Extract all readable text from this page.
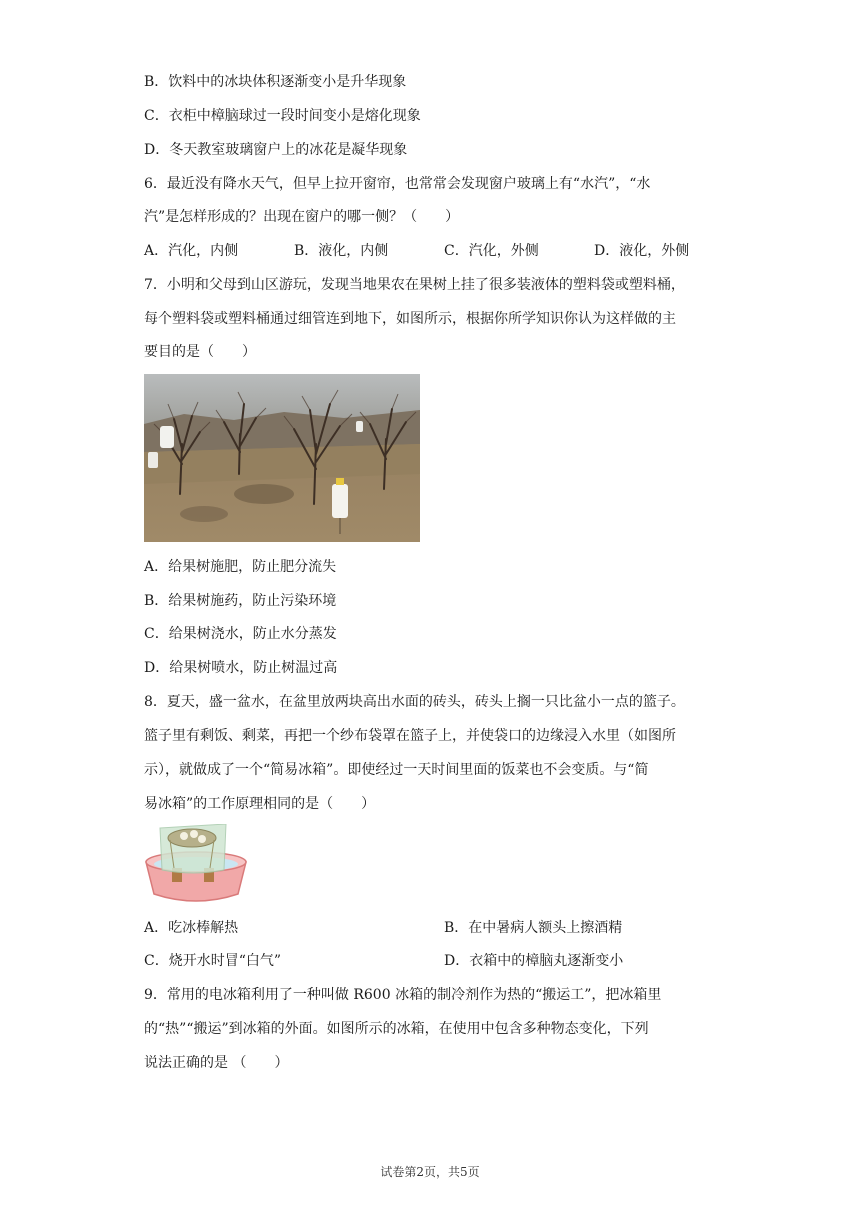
B．饮料中的冰块体积逐渐变小是升华现象
C．衣柜中樟脑球过一段时间变小是熔化现象
D．冬天教室玻璃窗户上的冰花是凝华现象
6．最近没有降水天气，但早上拉开窗帘，也常常会发现窗户玻璃上有“水汽”，“水
汽”是怎样形成的？出现在窗户的哪一侧？（　　）
A．汽化，内侧	B．液化，内侧	C．汽化，外侧	D．液化，外侧
7．小明和父母到山区游玩，发现当地果农在果树上挂了很多装液体的塑料袋或塑料桶，
每个塑料袋或塑料桶通过细管连到地下，如图所示，根据你所学知识你认为这样做的主
要目的是（　　）
A．给果树施肥，防止肥分流失
B．给果树施药，防止污染环境
C．给果树浇水，防止水分蒸发
D．给果树喷水，防止树温过高
8．夏天，盛一盆水，在盆里放两块高出水面的砖头，砖头上搁一只比盆小一点的篮子。
篮子里有剩饭、剩菜，再把一个纱布袋罩在篮子上，并使袋口的边缘浸入水里（如图所
示），就做成了一个“简易冰箱”。即使经过一天时间里面的饭菜也不会变质。与“简
易冰箱”的工作原理相同的是（　　）
A．吃冰棒解热	B．在中暑病人额头上擦酒精
C．烧开水时冒“白气”	D．衣箱中的樟脑丸逐渐变小
9．常用的电冰箱利用了一种叫做 R600 冰箱的制冷剂作为热的“搬运工”，把冰箱里
的“热”“搬运”到冰箱的外面。如图所示的冰箱，在使用中包含多种物态变化，下列
说法正确的是 （　　）
试卷第2页，共5页
